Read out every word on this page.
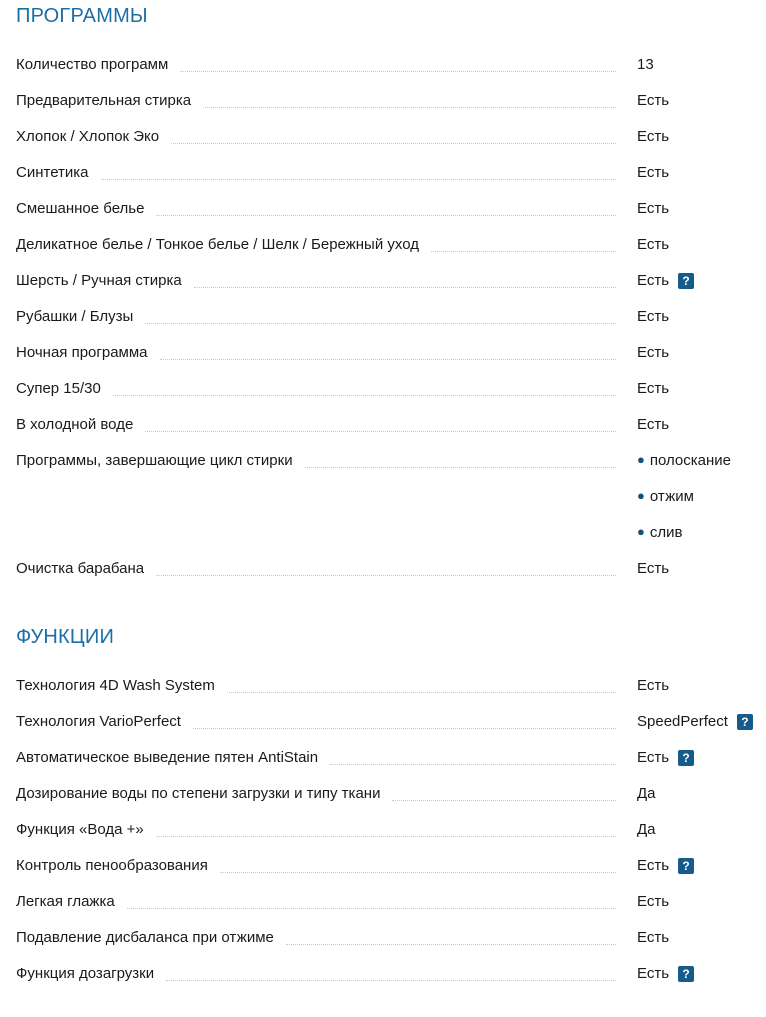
ПРОГРАММЫ
Количество программ	13
Предварительная стирка	Есть
Хлопок / Хлопок Эко	Есть
Синтетика	Есть
Смешанное белье	Есть
Деликатное белье / Тонкое белье / Шелк / Бережный уход	Есть
Шерсть / Ручная стирка	Есть	?
Рубашки / Блузы	Есть
Ночная программа	Есть
Супер 15/30	Есть
В холодной воде	Есть
Программы, завершающие цикл стирки	● полоскание
● отжим
● слив
Очистка барабана	Есть
ФУНКЦИИ
Технология 4D Wash System	Есть
Технология VarioPerfect	SpeedPerfect	?
Автоматическое выведение пятен AntiStain	Есть	?
Дозирование воды по степени загрузки и типу ткани	Да
Функция «Вода +»	Да
Контроль пенообразования	Есть	?
Легкая глажка	Есть
Подавление дисбаланса при отжиме	Есть
Функция дозагрузки	Есть	?
